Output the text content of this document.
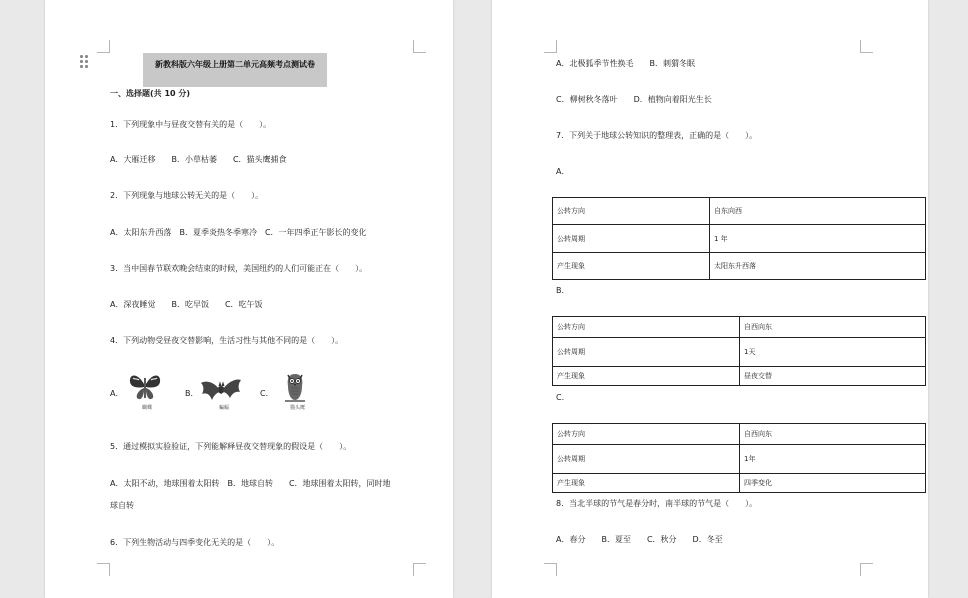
新教科版六年级上册第二单元高频考点测试卷
一、选择题(共 10 分)
1．下列现象中与昼夜交替有关的是（　　）。
A．大雁迁移　　B．小草枯萎　　C．猫头鹰捕食
2．下列现象与地球公转无关的是（　　）。
A．太阳东升西落　B．夏季炎热冬季寒冷　C．一年四季正午影长的变化
3．当中国春节联欢晚会结束的时候，美国纽约的人们可能正在（　　）。
A．深夜睡觉　　B．吃早饭　　C．吃午饭
4．下列动物受昼夜交替影响，生活习性与其他不同的是（　　）。
A．
蝴蝶
B．
蝙蝠
C．
猫头鹰
5．通过模拟实验验证，下列能解释昼夜交替现象的假设是（　　）。
A．太阳不动，地球围着太阳转　B．地球自转　　C．地球围着太阳转，同时地
球自转
6．下列生物活动与四季变化无关的是（　　）。
A．北极狐季节性换毛　　B．刺猬冬眠
C．柳树秋冬落叶　　D．植物向着阳光生长
7．下列关于地球公转知识的整理表，正确的是（　　）。
A．
公转方向	自东向西
公转周期	1 年
产生现象	太阳东升西落
B．
公转方向	自西向东
公转周期	1天
产生现象	昼夜交替
C．
公转方向	自西向东
公转周期	1年
产生现象	四季变化
8．当北半球的节气是春分时，南半球的节气是（　　）。
A．春分　　B．夏至　　C．秋分　　D．冬至
